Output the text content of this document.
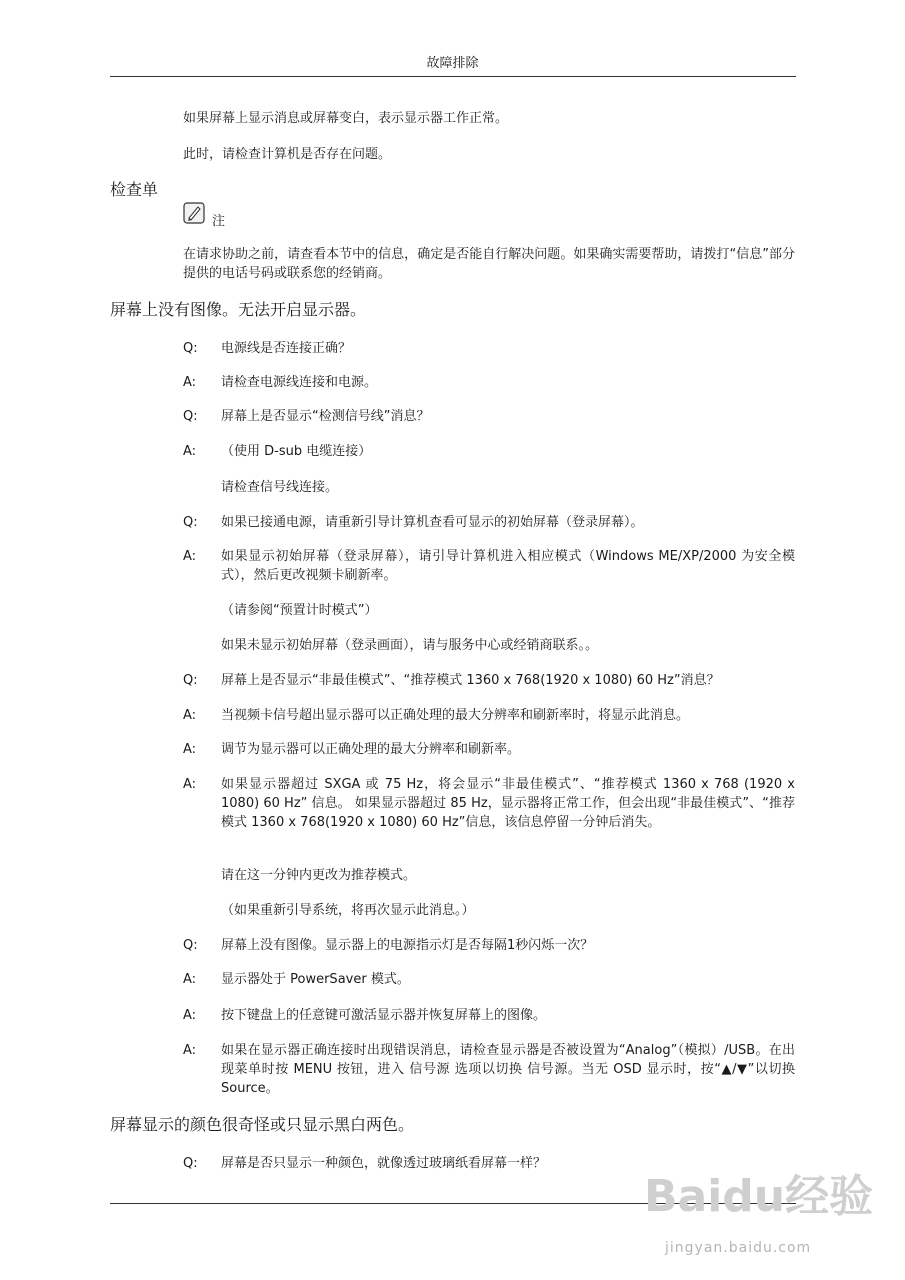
故障排除
如果屏幕上显示消息或屏幕变白，表示显示器工作正常。
此时，请检查计算机是否存在问题。
检查单
注
在请求协助之前，请查看本节中的信息，确定是否能自行解决问题。如果确实需要帮助，请拨打“信息”部分提供的电话号码或联系您的经销商。
屏幕上没有图像。无法开启显示器。
Q:	电源线是否连接正确？
A:	请检查电源线连接和电源。
Q:	屏幕上是否显示“检测信号线”消息？
A:	（使用 D-sub 电缆连接）
请检查信号线连接。
Q:	如果已接通电源，请重新引导计算机查看可显示的初始屏幕（登录屏幕）。
A:	如果显示初始屏幕（登录屏幕），请引导计算机进入相应模式（Windows ME/XP/2000 为安全模式），然后更改视频卡刷新率。
（请参阅“预置计时模式”）
如果未显示初始屏幕（登录画面），请与服务中心或经销商联系。。
Q:	屏幕上是否显示“非最佳模式”、“推荐模式 1360 x 768(1920 x 1080) 60 Hz”消息？
A:	当视频卡信号超出显示器可以正确处理的最大分辨率和刷新率时，将显示此消息。
A:	调节为显示器可以正确处理的最大分辨率和刷新率。
A:	如果显示器超过 SXGA 或 75 Hz，将会显示“非最佳模式”、“推荐模式 1360 x 768 (1920 x 1080) 60 Hz” 信息。 如果显示器超过 85 Hz，显示器将正常工作，但会出现“非最佳模式”、“推荐模式 1360 x 768(1920 x 1080) 60 Hz”信息，该信息停留一分钟后消失。
请在这一分钟内更改为推荐模式。
（如果重新引导系统，将再次显示此消息。）
Q:	屏幕上没有图像。显示器上的电源指示灯是否每隔1秒闪烁一次？
A:	显示器处于 PowerSaver 模式。
A:	按下键盘上的任意键可激活显示器并恢复屏幕上的图像。
A:	如果在显示器正确连接时出现错误消息，请检查显示器是否被设置为“Analog”（模拟）/USB。在出现菜单时按 MENU 按钮，进入 信号源 选项以切换 信号源。当无 OSD 显示时，按“▲/▼”以切换 Source。
屏幕显示的颜色很奇怪或只显示黑白两色。
Q:	屏幕是否只显示一种颜色，就像透过玻璃纸看屏幕一样？
Baidu经验
jingyan.baidu.com
